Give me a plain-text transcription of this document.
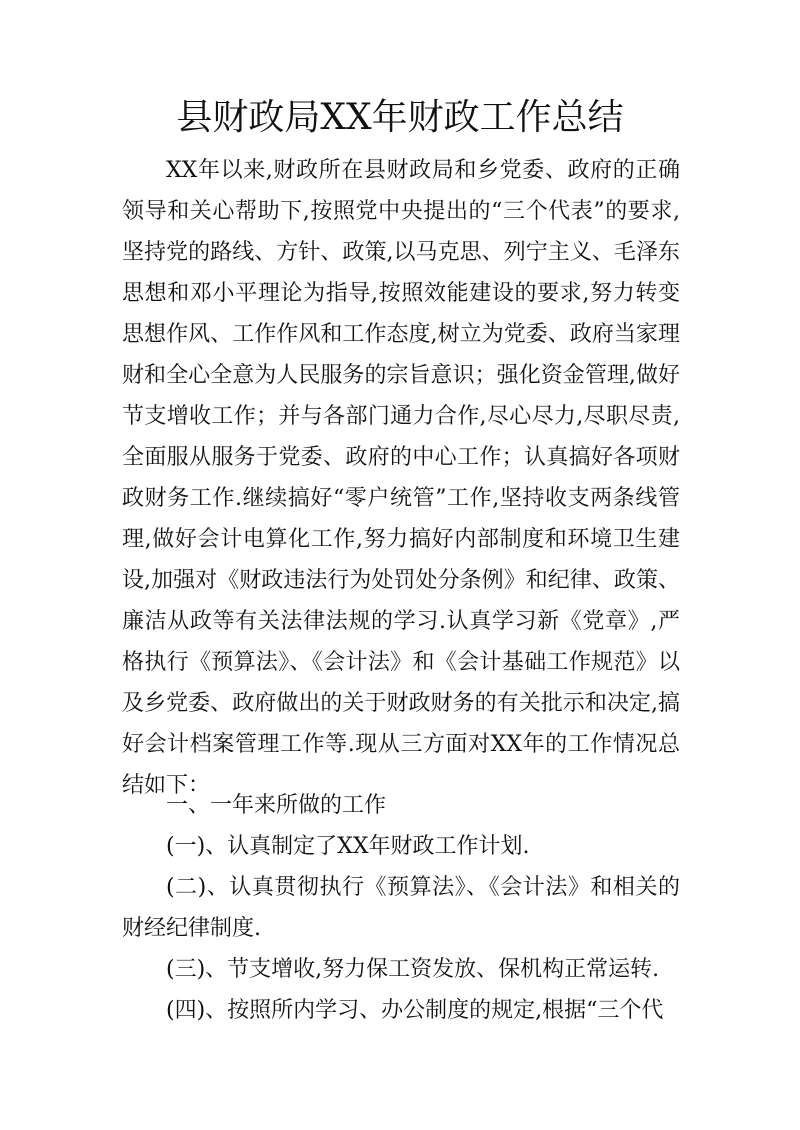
县财政局XX年财政工作总结

XX年以来,财政所在县财政局和乡党委、政府的正确领导和关心帮助下,按照党中央提出的“三个代表”的要求,坚持党的路线、方针、政策,以马克思、列宁主义、毛泽东思想和邓小平理论为指导,按照效能建设的要求,努力转变思想作风、工作作风和工作态度,树立为党委、政府当家理财和全心全意为人民服务的宗旨意识；强化资金管理,做好节支增收工作；并与各部门通力合作,尽心尽力,尽职尽责,全面服从服务于党委、政府的中心工作；认真搞好各项财政财务工作.继续搞好“零户统管”工作,坚持收支两条线管理,做好会计电算化工作,努力搞好内部制度和环境卫生建设,加强对《财政违法行为处罚处分条例》和纪律、政策、廉洁从政等有关法律法规的学习.认真学习新《党章》,严格执行《预算法》、《会计法》和《会计基础工作规范》以及乡党委、政府做出的关于财政财务的有关批示和决定,搞好会计档案管理工作等.现从三方面对XX年的工作情况总结如下：

一、一年来所做的工作
(一)、认真制定了XX年财政工作计划.
(二)、认真贯彻执行《预算法》、《会计法》和相关的财经纪律制度.
(三)、节支增收,努力保工资发放、保机构正常运转.
(四)、按照所内学习、办公制度的规定,根据“三个代
